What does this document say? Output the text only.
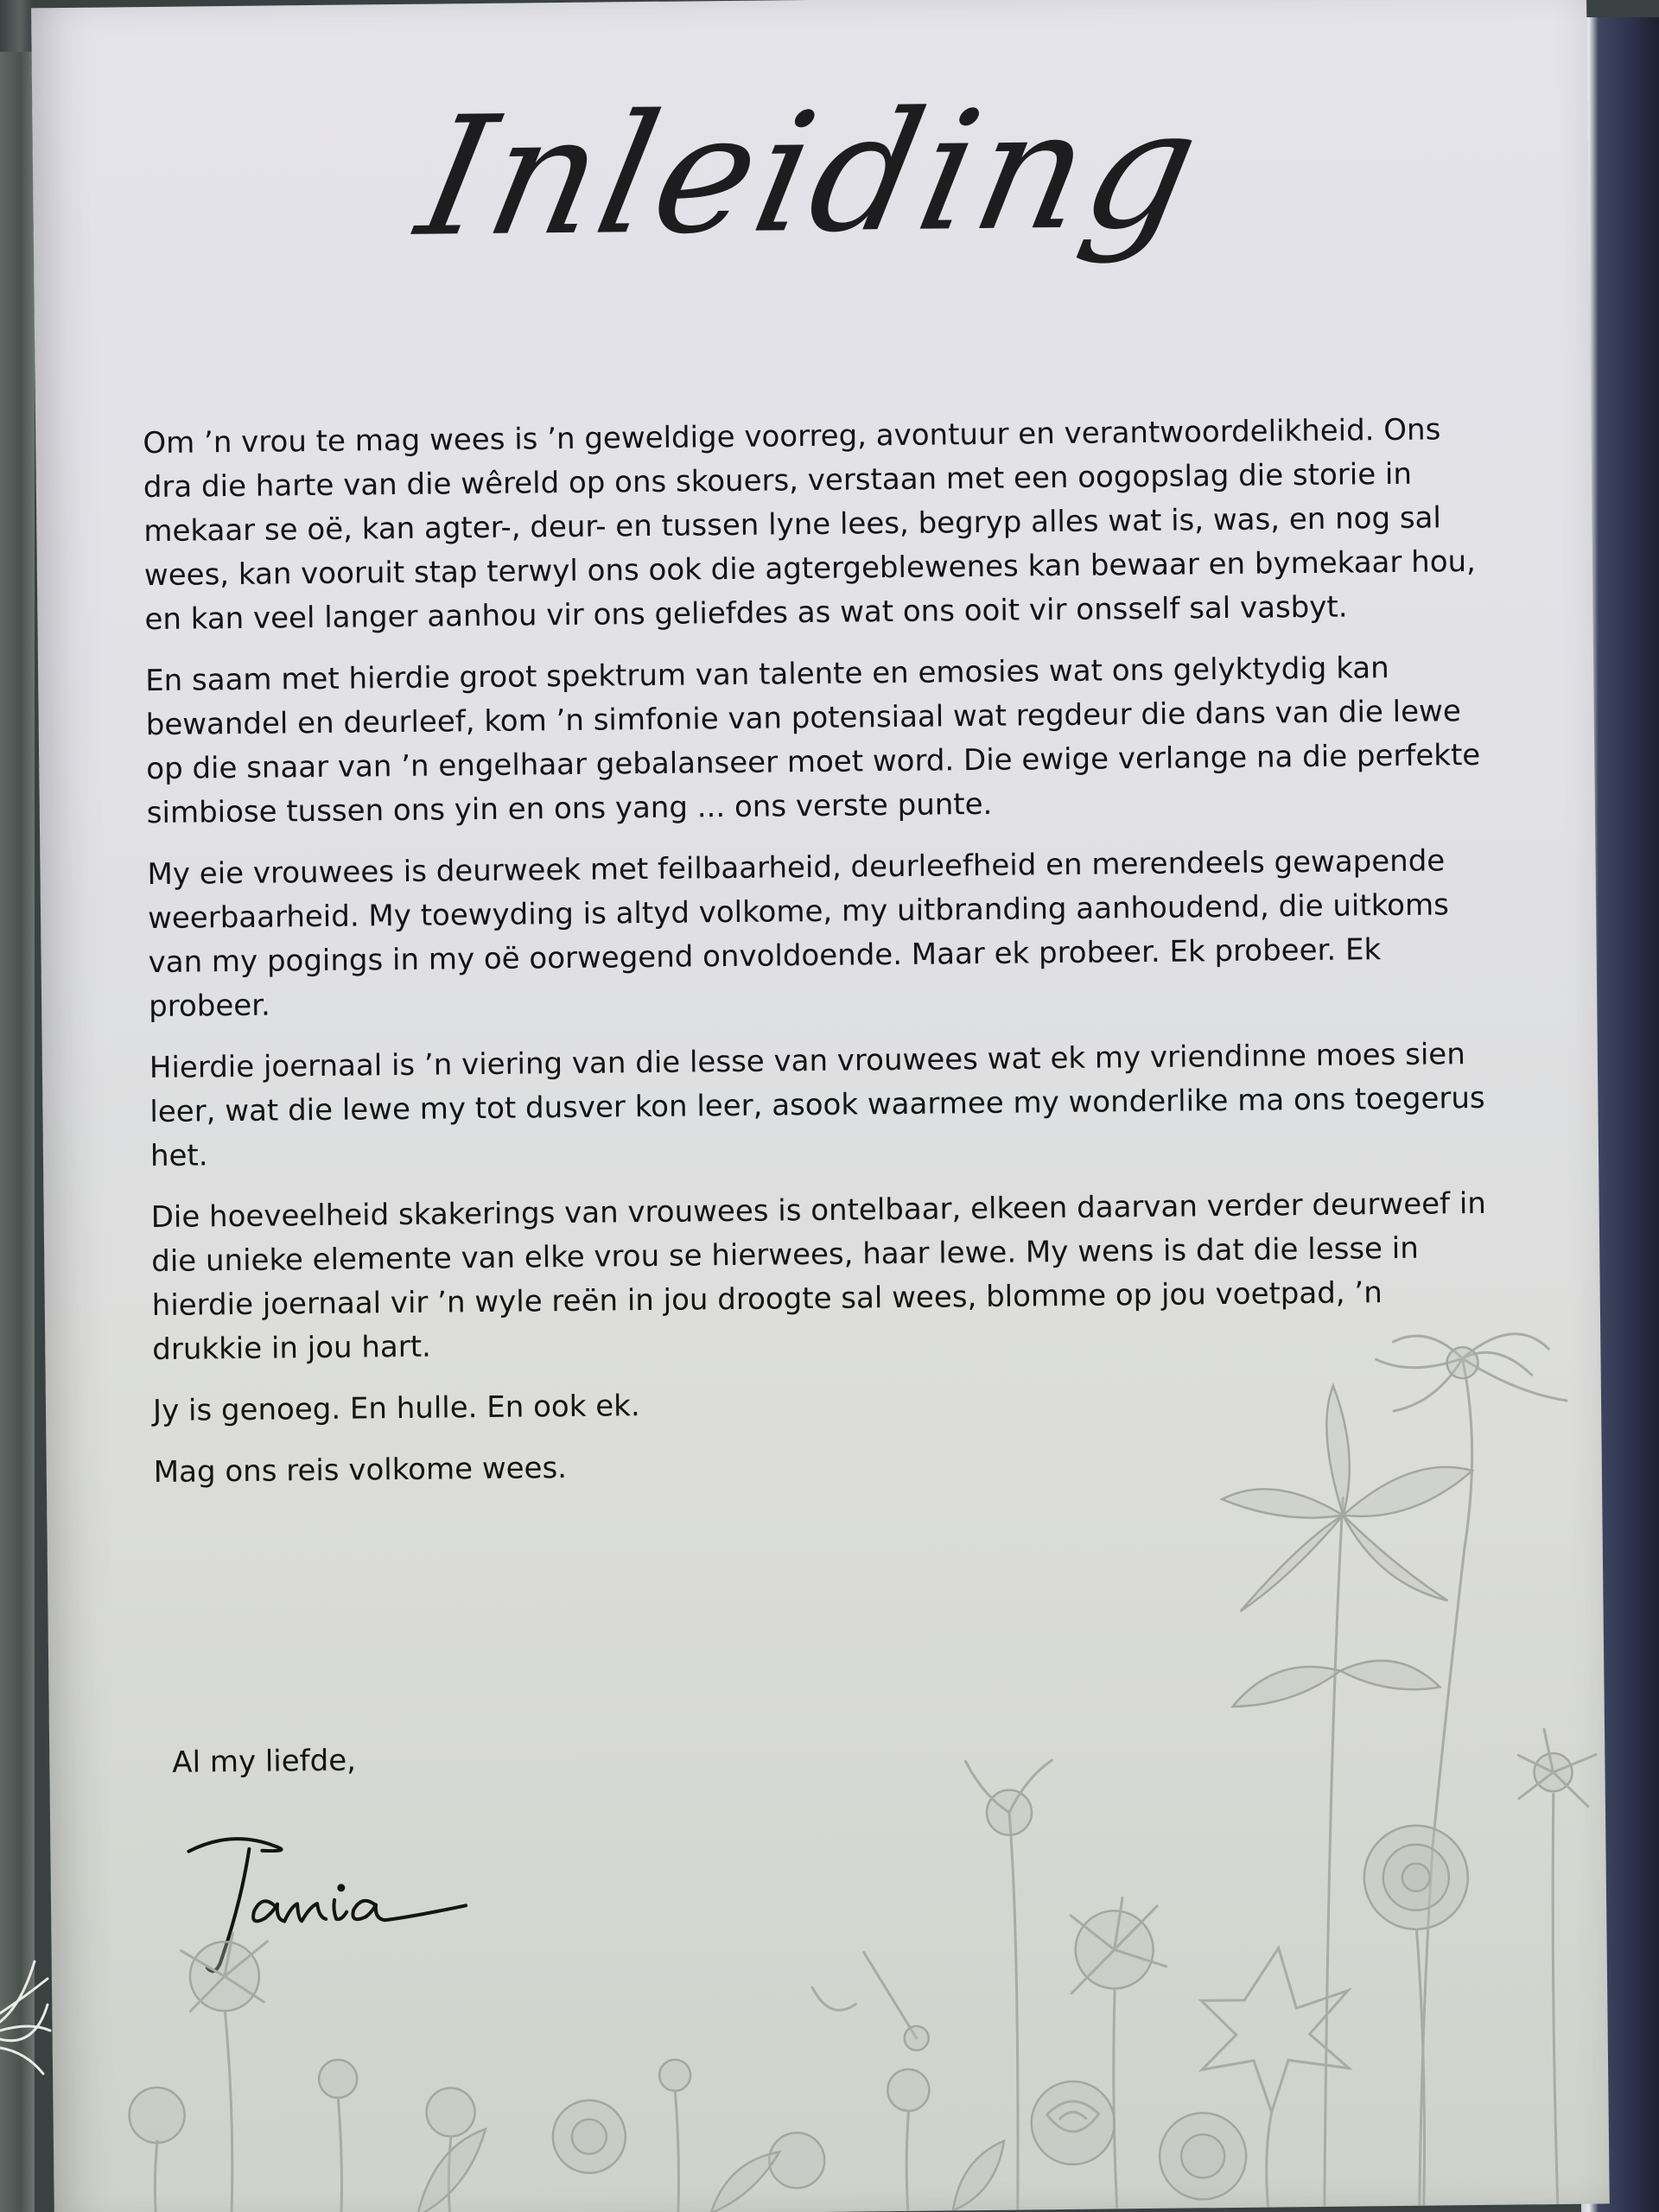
Inleiding

Om ’n vrou te mag wees is ’n geweldige voorreg, avontuur en verantwoordelikheid. Ons dra die harte van die wêreld op ons skouers, verstaan met een oogopslag die storie in mekaar se oë, kan agter-, deur- en tussen lyne lees, begryp alles wat is, was, en nog sal wees, kan vooruit stap terwyl ons ook die agtergeblewenes kan bewaar en bymekaar hou, en kan veel langer aanhou vir ons geliefdes as wat ons ooit vir onsself sal vasbyt.

En saam met hierdie groot spektrum van talente en emosies wat ons gelyktydig kan bewandel en deurleef, kom ’n simfonie van potensiaal wat regdeur die dans van die lewe op die snaar van ’n engelhaar gebalanseer moet word. Die ewige verlange na die perfekte simbiose tussen ons yin en ons yang ... ons verste punte.

My eie vrouwees is deurweek met feilbaarheid, deurleefheid en merendeels gewapende weerbaarheid. My toewyding is altyd volkome, my uitbranding aanhoudend, die uitkoms van my pogings in my oë oorwegend onvoldoende. Maar ek probeer. Ek probeer. Ek probeer.

Hierdie joernaal is ’n viering van die lesse van vrouwees wat ek my vriendinne moes sien leer, wat die lewe my tot dusver kon leer, asook waarmee my wonderlike ma ons toegerus het.

Die hoeveelheid skakerings van vrouwees is ontelbaar, elkeen daarvan verder deurweef in die unieke elemente van elke vrou se hierwees, haar lewe. My wens is dat die lesse in hierdie joernaal vir ’n wyle reën in jou droogte sal wees, blomme op jou voetpad, ’n drukkie in jou hart.

Jy is genoeg. En hulle. En ook ek.

Mag ons reis volkome wees.

Al my liefde,
